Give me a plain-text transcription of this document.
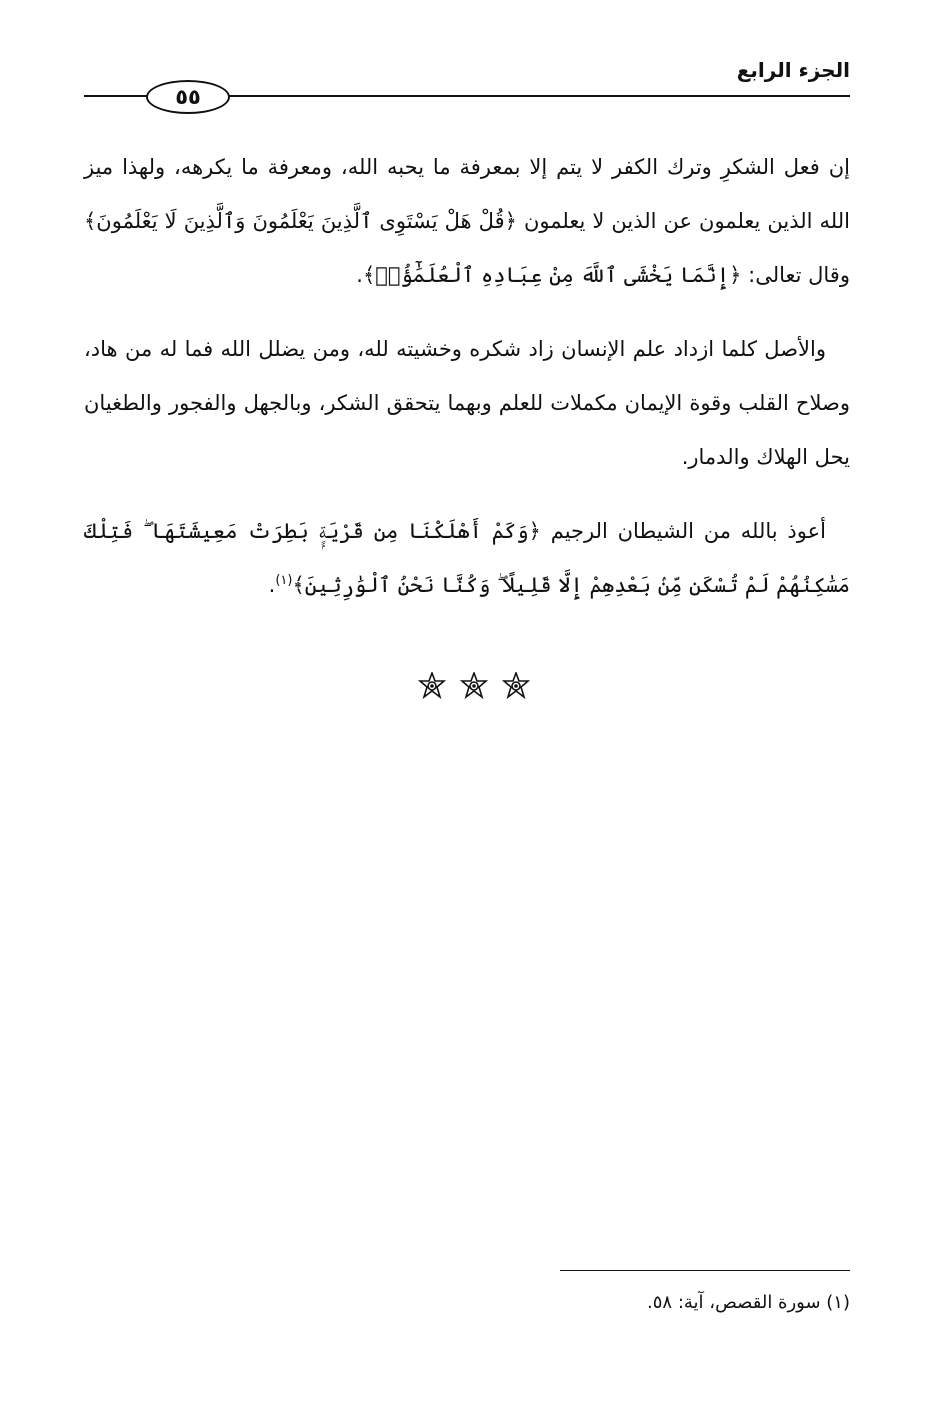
الجزء الرابع
٥٥

إن فعل الشكرِ وترك الكفر لا يتم إلا بمعرفة ما يحبه الله، ومعرفة ما يكرهه، ولهذا ميز الله الذين يعلمون عن الذين لا يعلمون ﴿قُلْ هَلْ يَسْتَوِى ٱلَّذِينَ يَعْلَمُونَ وَٱلَّذِينَ لَا يَعْلَمُونَ﴾ وقال تعالى: ﴿إِنَّمَا يَخْشَى ٱللَّهَ مِنْ عِبَادِهِ ٱلْعُلَمَٰٓؤُا۟﴾.

والأصل كلما ازداد علم الإنسان زاد شكره وخشيته لله، ومن يضلل الله فما له من هاد، وصلاح القلب وقوة الإيمان مكملات للعلم وبهما يتحقق الشكر، وبالجهل والفجور والطغيان يحل الهلاك والدمار.

أعوذ بالله من الشيطان الرجيم ﴿وَكَمْ أَهْلَكْنَا مِن قَرْيَةٍۭ بَطِرَتْ مَعِيشَتَهَا ۖ فَتِلْكَ مَسَٰكِنُهُمْ لَمْ تُسْكَن مِّنۢ بَعْدِهِمْ إِلَّا قَلِيلًا ۖ وَكُنَّا نَحْنُ ٱلْوَٰرِثِينَ﴾$^{(١)}$.

(١) سورة القصص، آية: ٥٨.
